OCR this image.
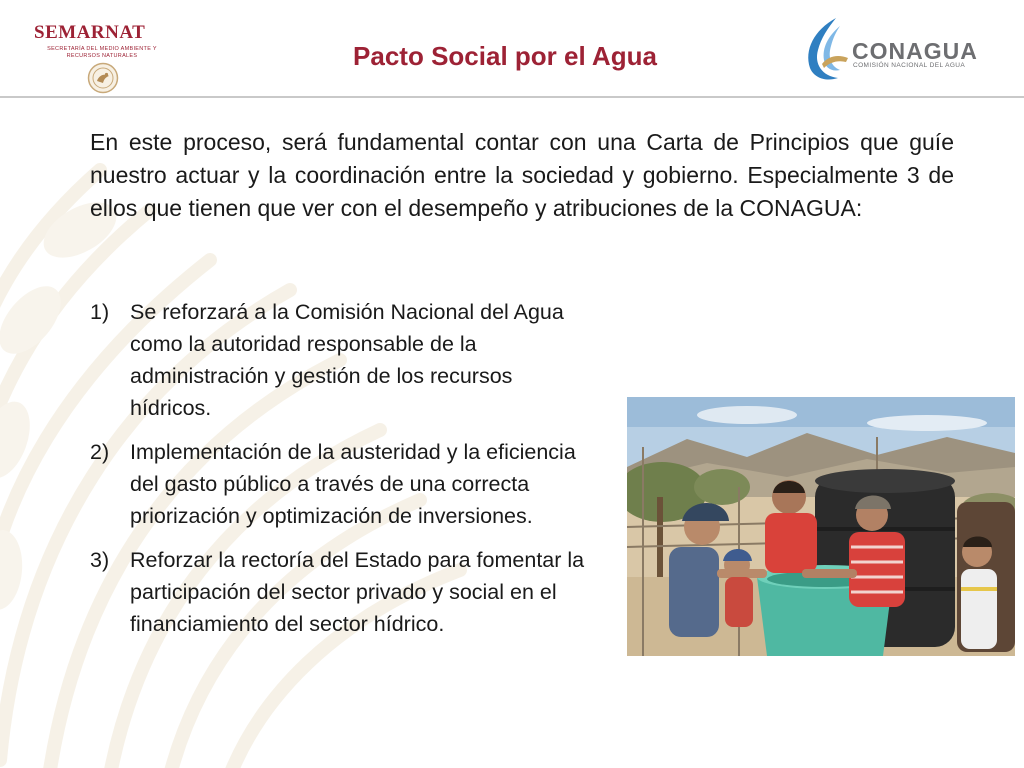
SEMARNAT
SECRETARÍA DEL MEDIO AMBIENTE Y RECURSOS NATURALES	Pacto Social por el Agua	CONAGUA
COMISIÓN NACIONAL DEL AGUA

En este proceso, será fundamental contar con una Carta de Principios que guíe nuestro actuar y la coordinación entre la sociedad y gobierno. Especialmente 3 de ellos que tienen que ver con el desempeño y atribuciones de la CONAGUA:

1) Se reforzará a la Comisión Nacional del Agua como la autoridad responsable de la administración y gestión de los recursos hídricos.
2) Implementación de la austeridad y la eficiencia del gasto público a través de una correcta priorización y optimización de inversiones.
3) Reforzar la rectoría del Estado para fomentar la participación del sector privado y social en el financiamiento del sector hídrico.
